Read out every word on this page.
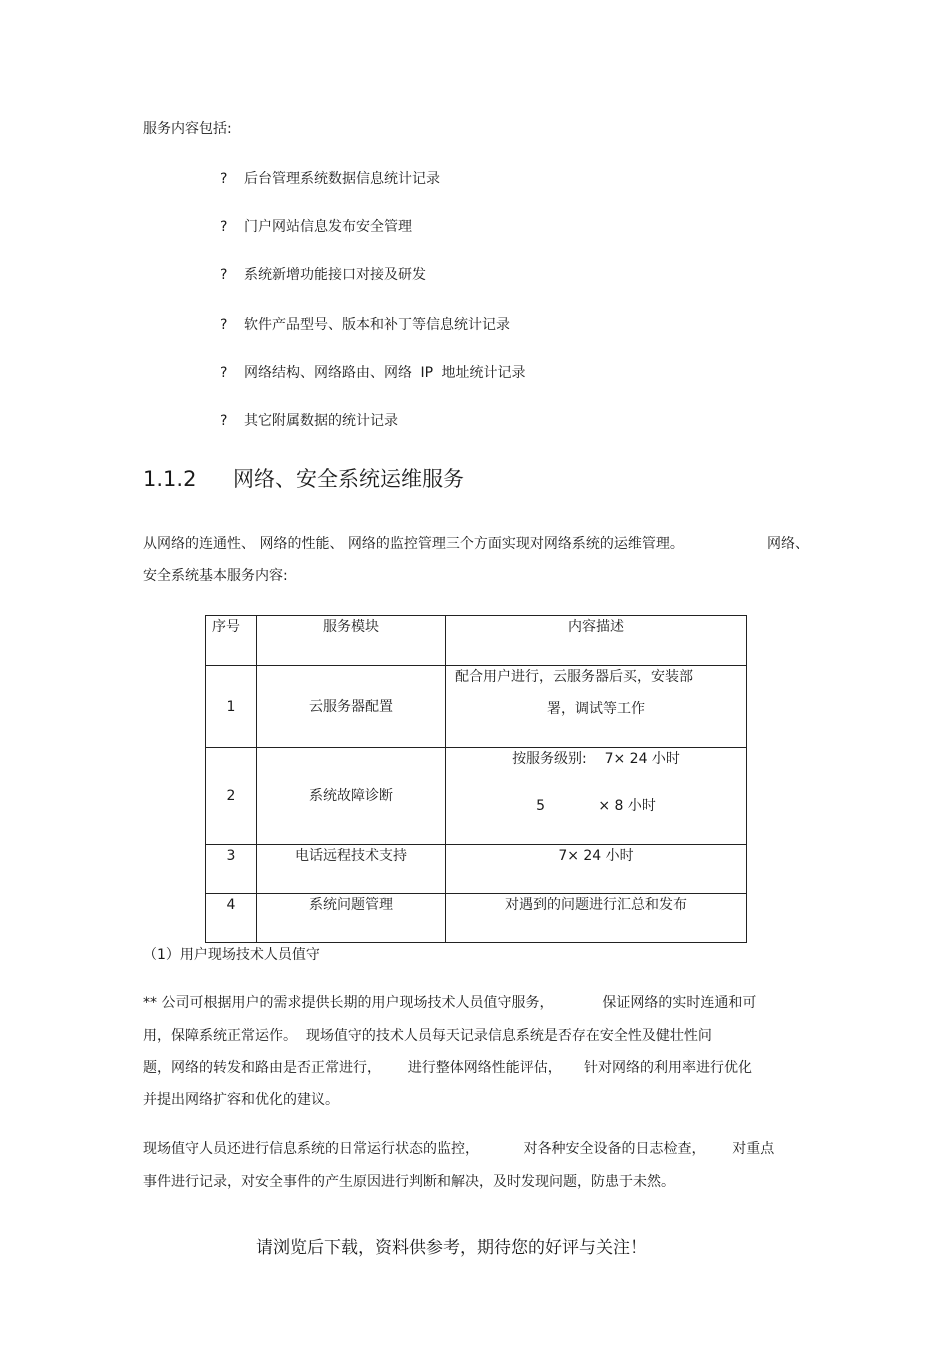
服务内容包括:
? 后台管理系统数据信息统计记录
? 门户网站信息发布安全管理
? 系统新增功能接口对接及研发
? 软件产品型号、版本和补丁等信息统计记录
? 网络结构、网络路由、网络 IP 地址统计记录
? 其它附属数据的统计记录
1.1.2 网络、安全系统运维服务
从网络的连通性、 网络的性能、 网络的监控管理三个方面实现对网络系统的运维管理。	网络、
安全系统基本服务内容:
序号	服务模块	内容描述

1	云服务器配置	配合用户进行，云服务器后买，安装部
署，调试等工作

2	系统故障诊断	按服务级别:    7× 24 小时
5            × 8 小时

3	电话远程技术支持	7× 24 小时

4	系统问题管理	对遇到的问题进行汇总和发布
（1）用户现场技术人员值守
** 公司可根据用户的需求提供长期的用户现场技术人员值守服务，           保证网络的实时连通和可
用，保障系统正常运作。  现场值守的技术人员每天记录信息系统是否存在安全性及健壮性问
题，网络的转发和路由是否正常进行，      进行整体网络性能评估，     针对网络的利用率进行优化
并提出网络扩容和优化的建议。
现场值守人员还进行信息系统的日常运行状态的监控，          对各种安全设备的日志检查，      对重点
事件进行记录，对安全事件的产生原因进行判断和解决，及时发现问题，防患于未然。
请浏览后下载，资料供参考，期待您的好评与关注！
